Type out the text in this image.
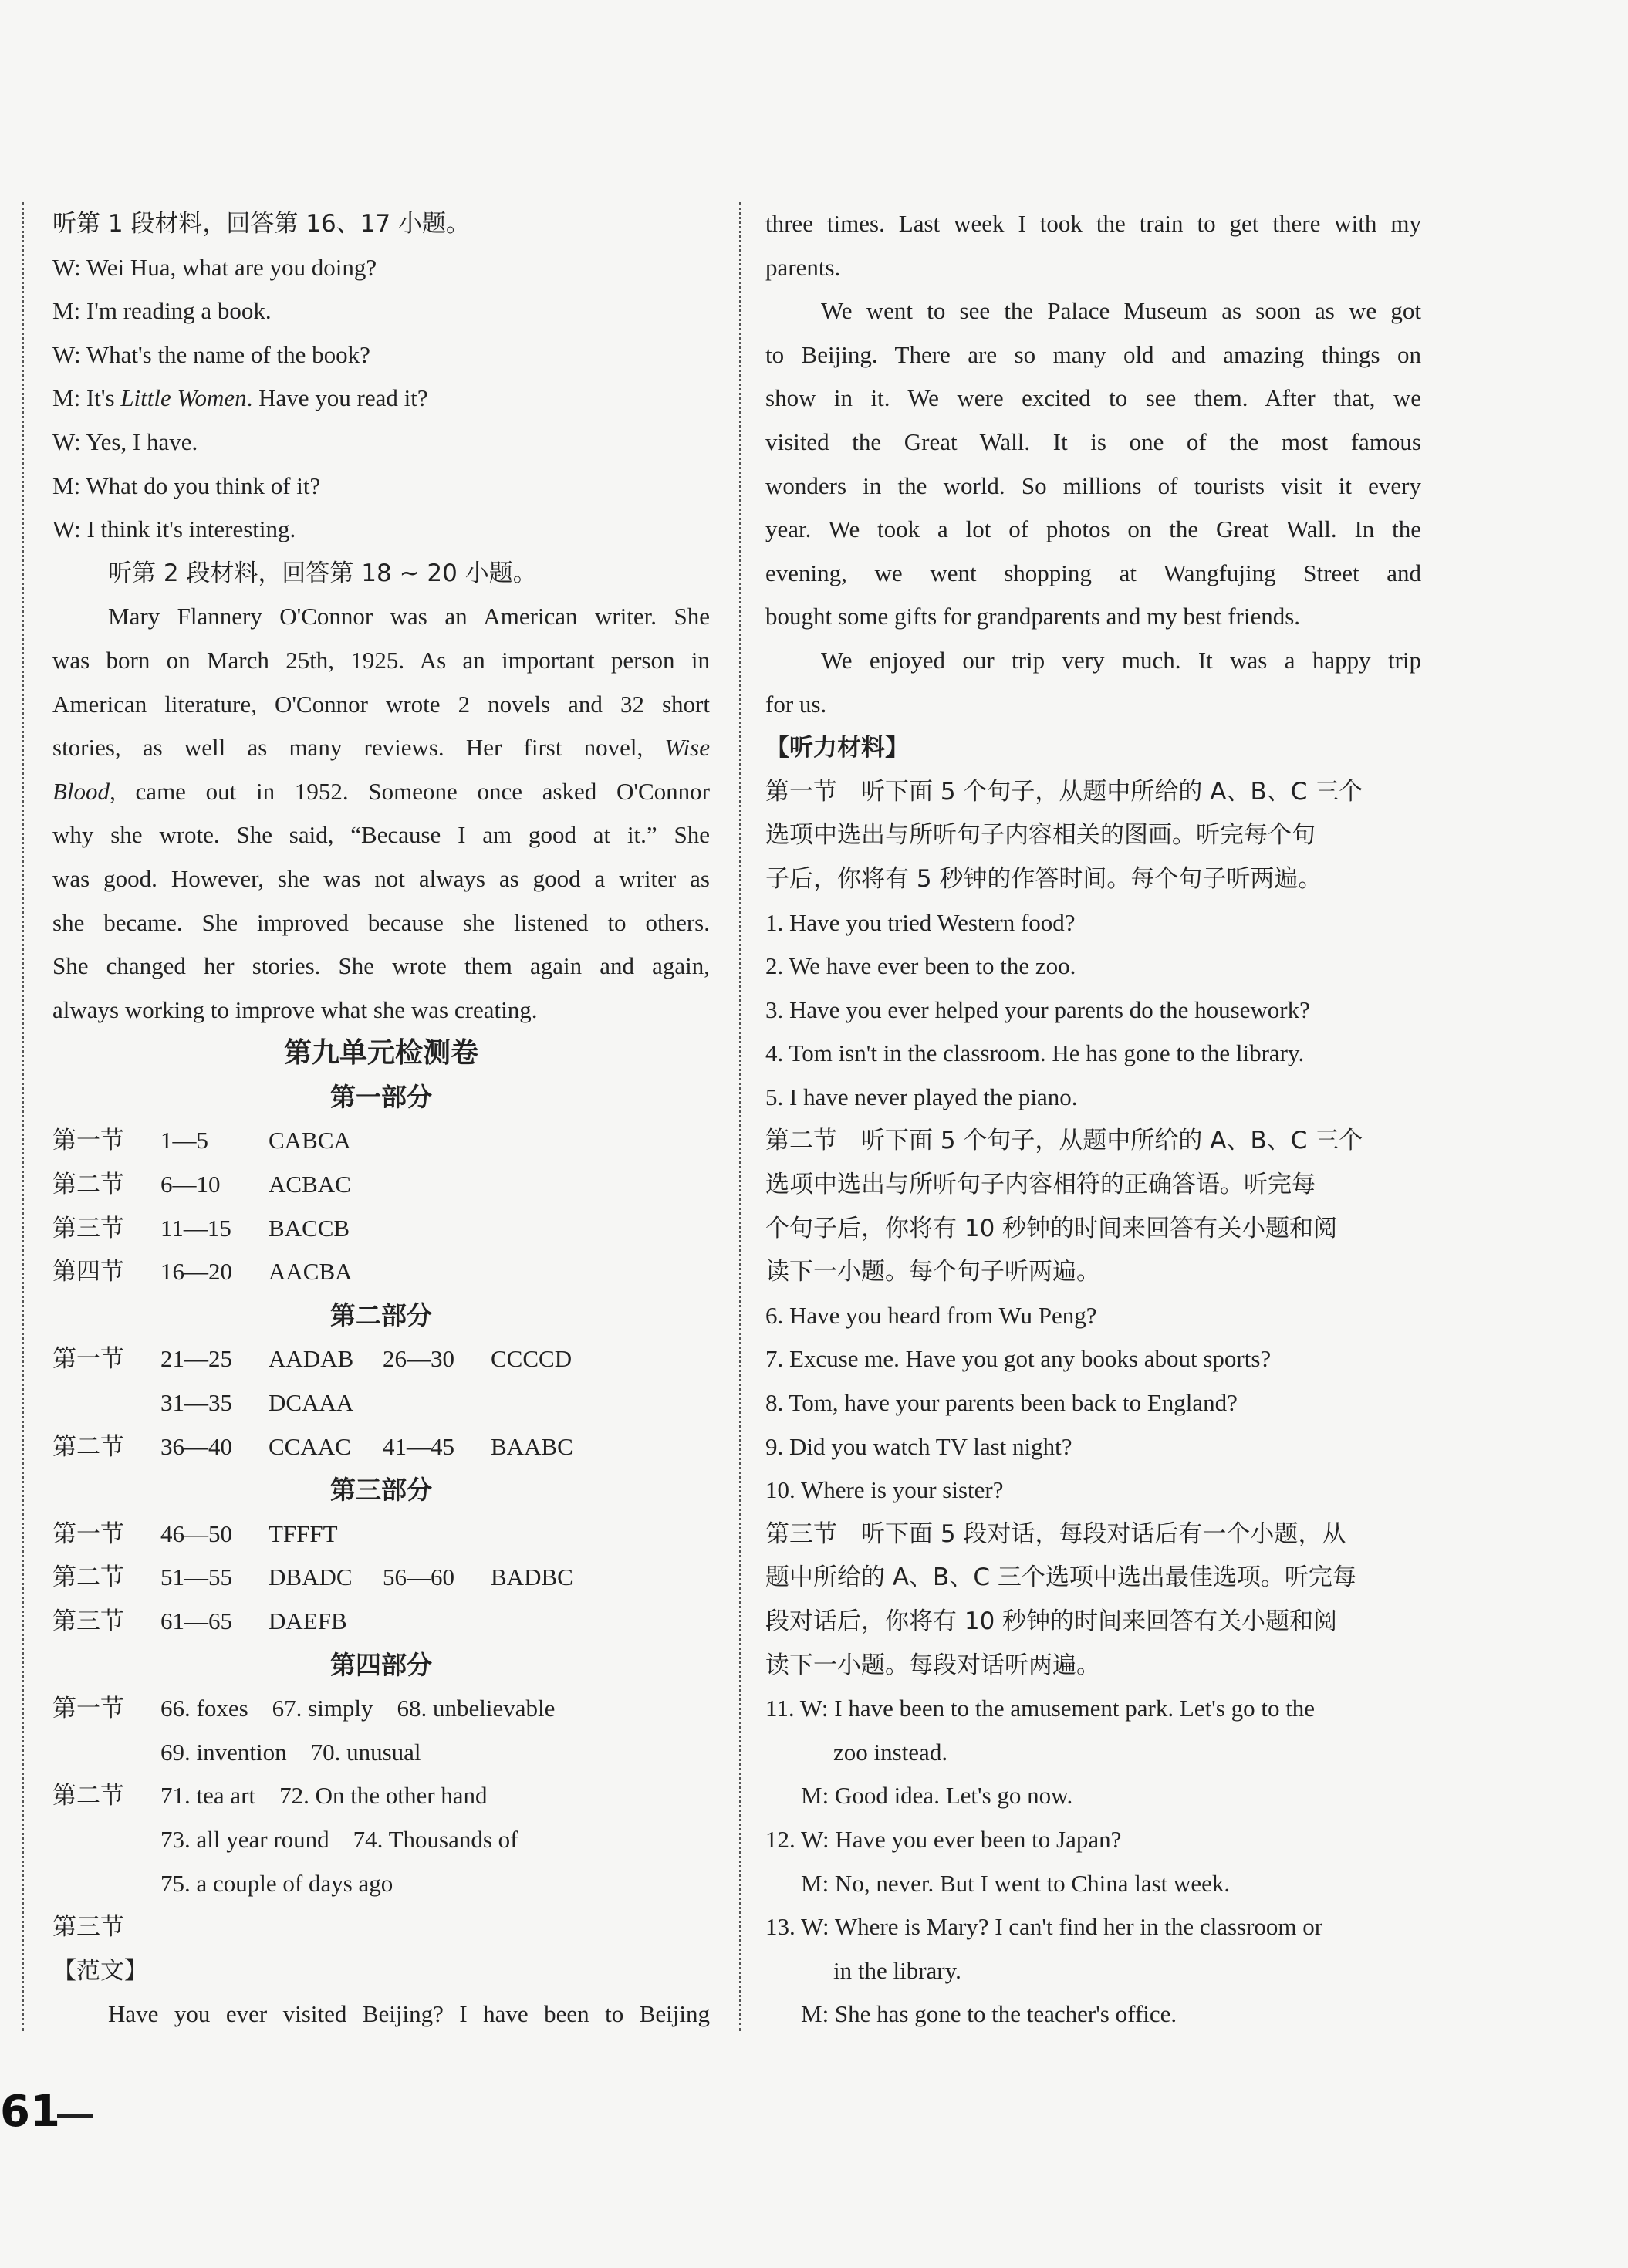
听第 1 段材料，回答第 16、17 小题。
W: Wei Hua, what are you doing?
M: I'm reading a book.
W: What's the name of the book?
M: It's Little Women. Have you read it?
W: Yes, I have.
M: What do you think of it?
W: I think it's interesting.
听第 2 段材料，回答第 18 ~ 20 小题。
Mary Flannery O'Connor was an American writer. She
was born on March 25th, 1925. As an important person in
American literature, O'Connor wrote 2 novels and 32 short
stories, as well as many reviews. Her first novel, Wise
Blood, came out in 1952. Someone once asked O'Connor
why she wrote. She said, “Because I am good at it.” She
was good. However, she was not always as good a writer as
she became. She improved because she listened to others.
She changed her stories. She wrote them again and again,
always working to improve what she was creating.
第九单元检测卷
第一部分
第一节 1—5	CABCA
第二节 6—10 ACBAC
第三节 11—15 BACCB
第四节 16—20 AACBA
第二部分
第一节 21—25 AADAB 26—30 CCCCD
31—35 DCAAA
第二节 36—40 CCAAC 41—45 BAABC
第三部分
第一节 46—50 TFFFT
第二节 51—55 DBADC 56—60 BADBC
第三节 61—65 DAEFB
第四部分
第一节 66. foxes    67. simply    68. unbelievable
69. invention    70. unusual
第二节 71. tea art    72. On the other hand
73. all year round    74. Thousands of
75. a couple of days ago
第三节
【范文】
Have you ever visited Beijing? I have been to Beijing
three times. Last week I took the train to get there with my
parents.
We went to see the Palace Museum as soon as we got
to Beijing. There are so many old and amazing things on
show in it. We were excited to see them. After that, we
visited the Great Wall. It is one of the most famous
wonders in the world. So millions of tourists visit it every
year. We took a lot of photos on the Great Wall. In the
evening, we went shopping at Wangfujing Street and
bought some gifts for grandparents and my best friends.
We enjoyed our trip very much. It was a happy trip
for us.
【听力材料】
第一节　听下面 5 个句子，从题中所给的 A、B、C 三个
选项中选出与所听句子内容相关的图画。听完每个句
子后，你将有 5 秒钟的作答时间。每个句子听两遍。
1. Have you tried Western food?
2. We have ever been to the zoo.
3. Have you ever helped your parents do the housework?
4. Tom isn't in the classroom. He has gone to the library.
5. I have never played the piano.
第二节　听下面 5 个句子，从题中所给的 A、B、C 三个
选项中选出与所听句子内容相符的正确答语。听完每
个句子后，你将有 10 秒钟的时间来回答有关小题和阅
读下一小题。每个句子听两遍。
6. Have you heard from Wu Peng?
7. Excuse me. Have you got any books about sports?
8. Tom, have your parents been back to England?
9. Did you watch TV last night?
10. Where is your sister?
第三节　听下面 5 段对话，每段对话后有一个小题，从
题中所给的 A、B、C 三个选项中选出最佳选项。听完每
段对话后，你将有 10 秒钟的时间来回答有关小题和阅
读下一小题。每段对话听两遍。
11. W: I have been to the amusement park. Let's go to the
zoo instead.
M: Good idea. Let's go now.
12. W: Have you ever been to Japan?
M: No, never. But I went to China last week.
13. W: Where is Mary? I can't find her in the classroom or
in the library.
M: She has gone to the teacher's office.
61
